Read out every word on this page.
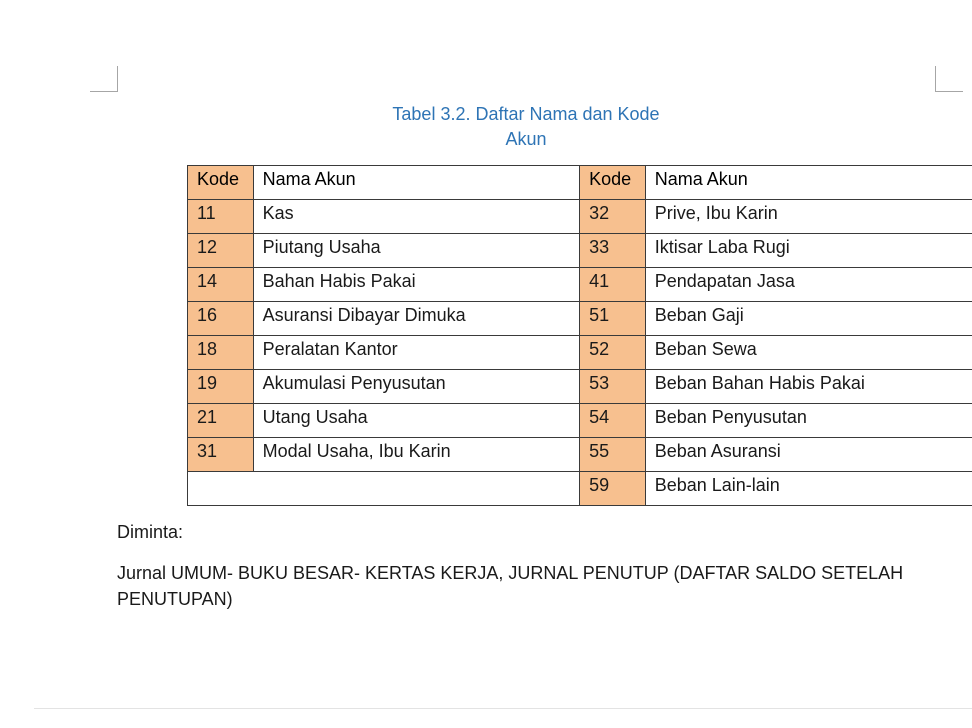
Tabel 3.2. Daftar Nama dan Kode
Akun
Kode	Nama Akun	Kode	Nama Akun
11	Kas	32	Prive, Ibu Karin
12	Piutang Usaha	33	Iktisar Laba Rugi
14	Bahan Habis Pakai	41	Pendapatan Jasa
16	Asuransi Dibayar Dimuka	51	Beban Gaji
18	Peralatan Kantor	52	Beban Sewa
19	Akumulasi Penyusutan	53	Beban Bahan Habis Pakai
21	Utang Usaha	54	Beban Penyusutan
31	Modal Usaha, Ibu Karin	55	Beban Asuransi
		59	Beban Lain-lain
Diminta:
Jurnal UMUM- BUKU BESAR- KERTAS KERJA, JURNAL PENUTUP (DAFTAR SALDO SETELAH PENUTUPAN)
